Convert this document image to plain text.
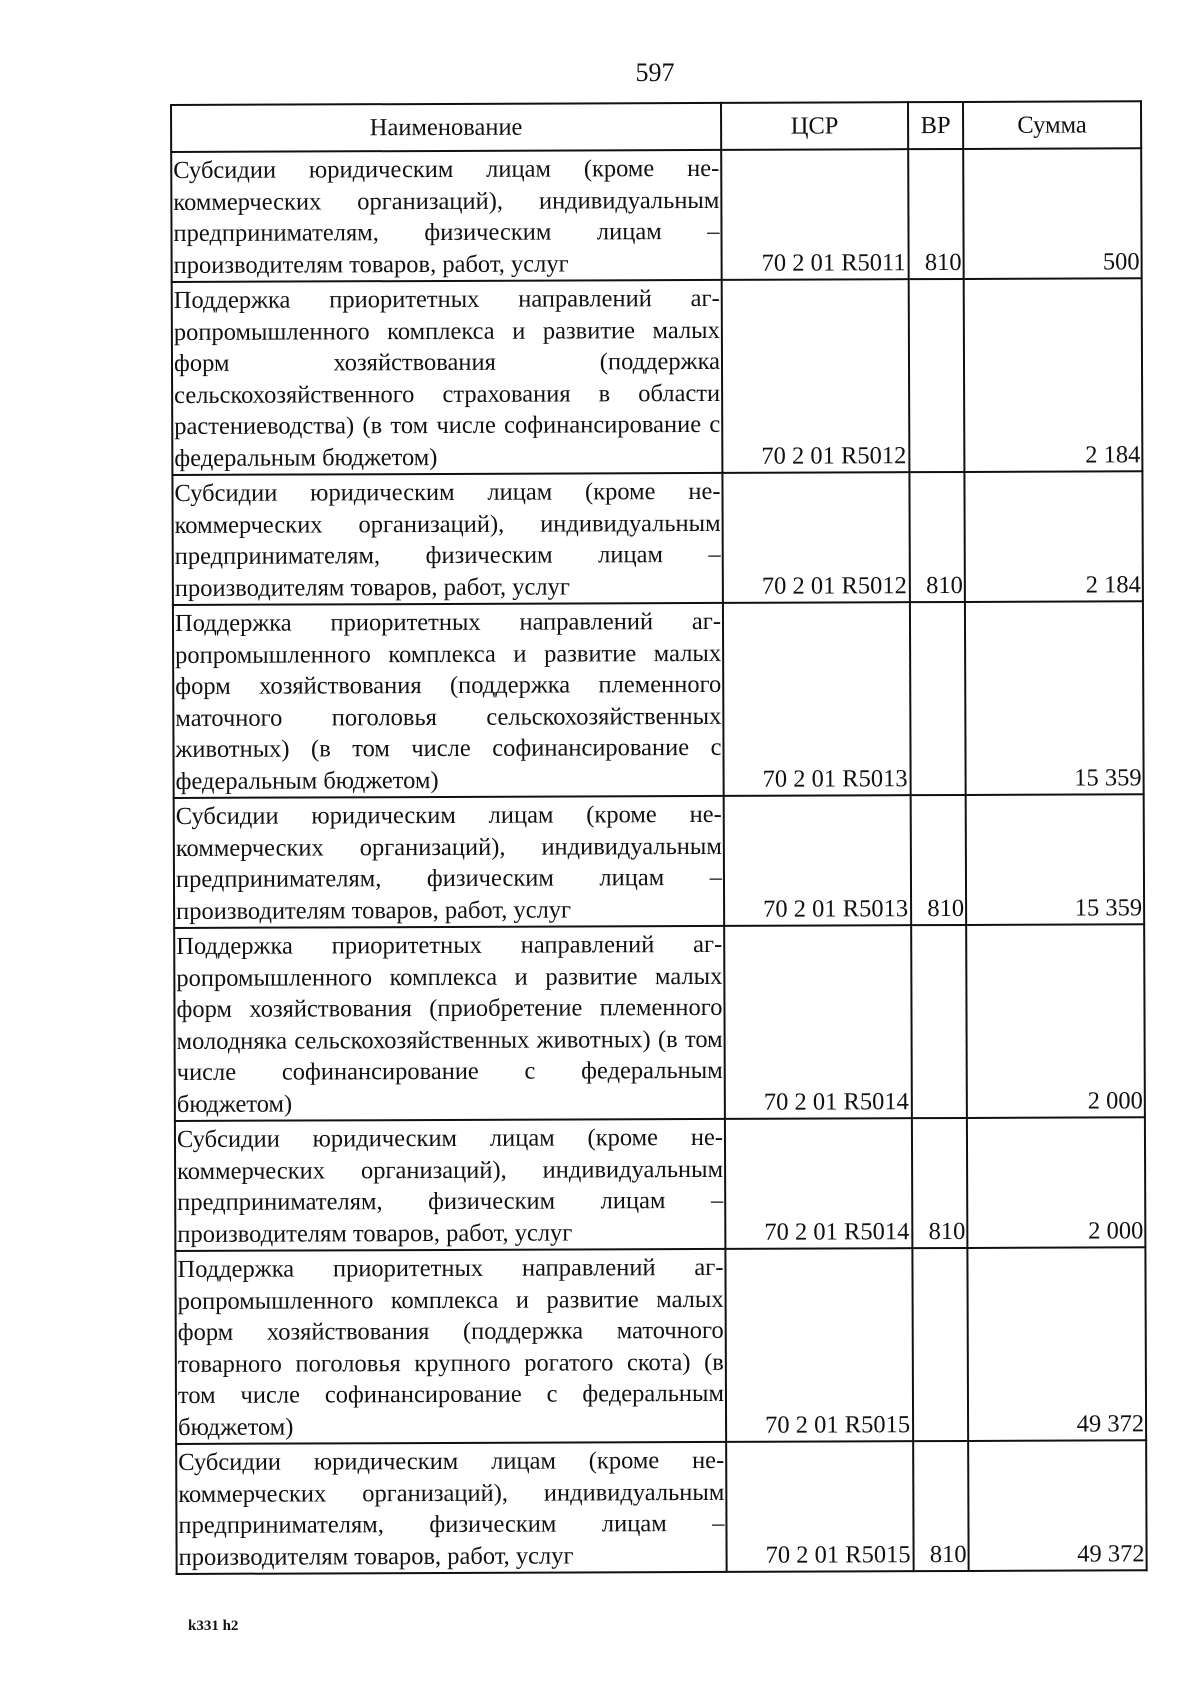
597
Наименование	ЦСР	ВР	Сумма
Субсидии юридическим лицам (кроме некоммерческих организаций), индивидуальным предпринимателям, физическим лицам – производителям товаров, работ, услуг	70 2 01 R5011	810	500
Поддержка приоритетных направлений агропромышленного комплекса и развитие малых форм хозяйствования (поддержка сельскохозяйственного страхования в области растениеводства) (в том числе софинансирование с федеральным бюджетом)	70 2 01 R5012		2 184
Субсидии юридическим лицам (кроме некоммерческих организаций), индивидуальным предпринимателям, физическим лицам – производителям товаров, работ, услуг	70 2 01 R5012	810	2 184
Поддержка приоритетных направлений агропромышленного комплекса и развитие малых форм хозяйствования (поддержка племенного маточного поголовья сельскохозяйственных животных) (в том числе софинансирование с федеральным бюджетом)	70 2 01 R5013		15 359
Субсидии юридическим лицам (кроме некоммерческих организаций), индивидуальным предпринимателям, физическим лицам – производителям товаров, работ, услуг	70 2 01 R5013	810	15 359
Поддержка приоритетных направлений агропромышленного комплекса и развитие малых форм хозяйствования (приобретение племенного молодняка сельскохозяйственных животных) (в том числе софинансирование с федеральным бюджетом)	70 2 01 R5014		2 000
Субсидии юридическим лицам (кроме некоммерческих организаций), индивидуальным предпринимателям, физическим лицам – производителям товаров, работ, услуг	70 2 01 R5014	810	2 000
Поддержка приоритетных направлений агропромышленного комплекса и развитие малых форм хозяйствования (поддержка маточного товарного поголовья крупного рогатого скота) (в том числе софинансирование с федеральным бюджетом)	70 2 01 R5015		49 372
Субсидии юридическим лицам (кроме некоммерческих организаций), индивидуальным предпринимателям, физическим лицам – производителям товаров, работ, услуг	70 2 01 R5015	810	49 372
k331 h2
